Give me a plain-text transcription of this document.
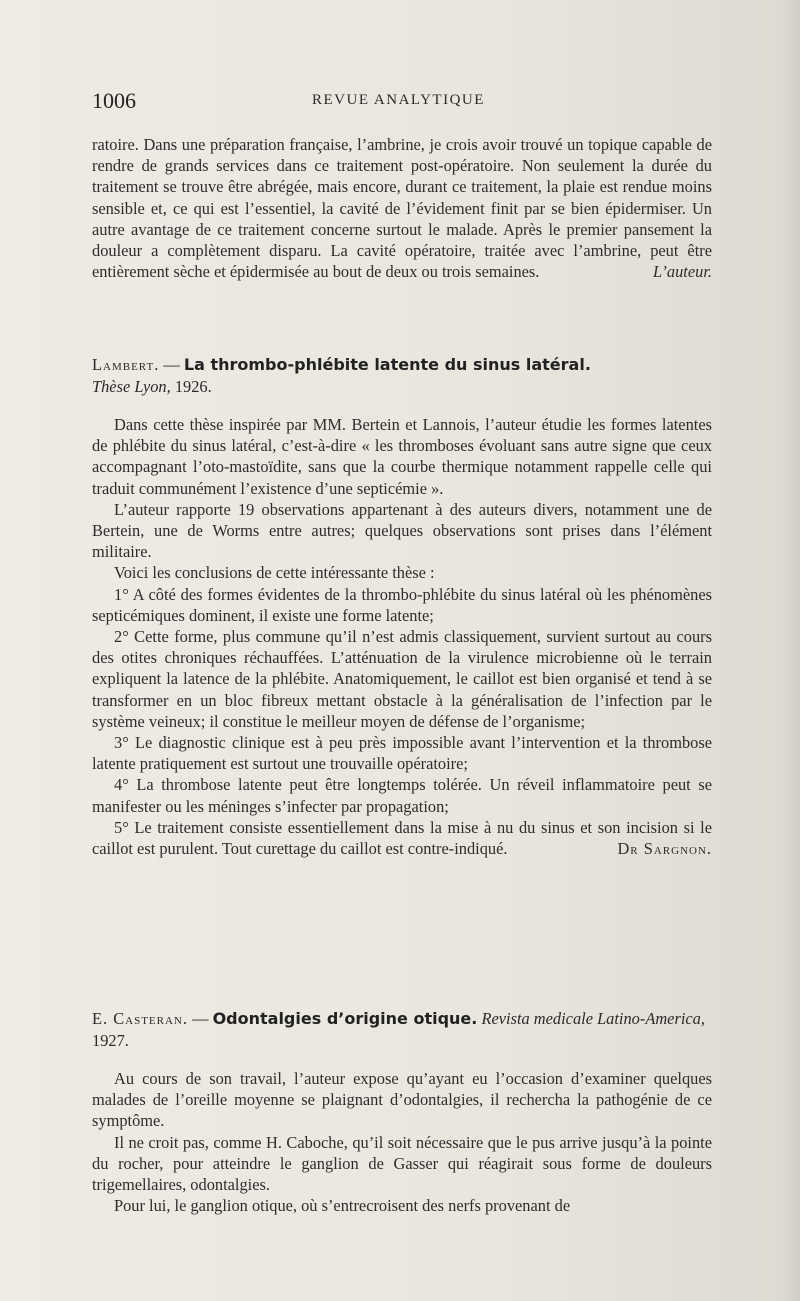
1006	REVUE ANALYTIQUE

ratoire. Dans une préparation française, l’ambrine, je crois avoir trouvé un topique capable de rendre de grands services dans ce traitement post-opératoire. Non seulement la durée du traitement se trouve être abrégée, mais encore, durant ce traitement, la plaie est rendue moins sensible et, ce qui est l’essentiel, la cavité de l’évidement finit par se bien épidermiser. Un autre avantage de ce traitement concerne surtout le malade. Après le premier pansement la douleur a complètement disparu. La cavité opératoire, traitée avec l’ambrine, peut être entièrement sèche et épidermisée au bout de deux ou trois semaines.	L’auteur.

Lambert. — La thrombo-phlébite latente du sinus latéral.
Thèse Lyon, 1926.

Dans cette thèse inspirée par MM. Bertein et Lannois, l’auteur étudie les formes latentes de phlébite du sinus latéral, c’est-à-dire « les thromboses évoluant sans autre signe que ceux accompagnant l’oto-mastoïdite, sans que la courbe thermique notamment rappelle celle qui traduit communément l’existence d’une septicémie ».

L’auteur rapporte 19 observations appartenant à des auteurs divers, notamment une de Bertein, une de Worms entre autres; quelques observations sont prises dans l’élément militaire.

Voici les conclusions de cette intéressante thèse :

1° A côté des formes évidentes de la thrombo-phlébite du sinus latéral où les phénomènes septicémiques dominent, il existe une forme latente;

2° Cette forme, plus commune qu’il n’est admis classiquement, survient surtout au cours des otites chroniques réchauffées. L’atténuation de la virulence microbienne où le terrain expliquent la latence de la phlébite. Anatomiquement, le caillot est bien organisé et tend à se transformer en un bloc fibreux mettant obstacle à la généralisation de l’infection par le système veineux; il constitue le meilleur moyen de défense de l’organisme;

3° Le diagnostic clinique est à peu près impossible avant l’intervention et la thrombose latente pratiquement est surtout une trouvaille opératoire;

4° La thrombose latente peut être longtemps tolérée. Un réveil inflammatoire peut se manifester ou les méninges s’infecter par propagation;

5° Le traitement consiste essentiellement dans la mise à nu du sinus et son incision si le caillot est purulent. Tout curettage du caillot est contre-indiqué.	Dr Sargnon.

E. Casteran. — Odontalgies d’origine otique. Revista medicale Latino-America, 1927.

Au cours de son travail, l’auteur expose qu’ayant eu l’occasion d’examiner quelques malades de l’oreille moyenne se plaignant d’odontalgies, il rechercha la pathogénie de ce symptôme.

Il ne croit pas, comme H. Caboche, qu’il soit nécessaire que le pus arrive jusqu’à la pointe du rocher, pour atteindre le ganglion de Gasser qui réagirait sous forme de douleurs trigemellaires, odontalgies.

Pour lui, le ganglion otique, où s’entrecroisent des nerfs provenant de
